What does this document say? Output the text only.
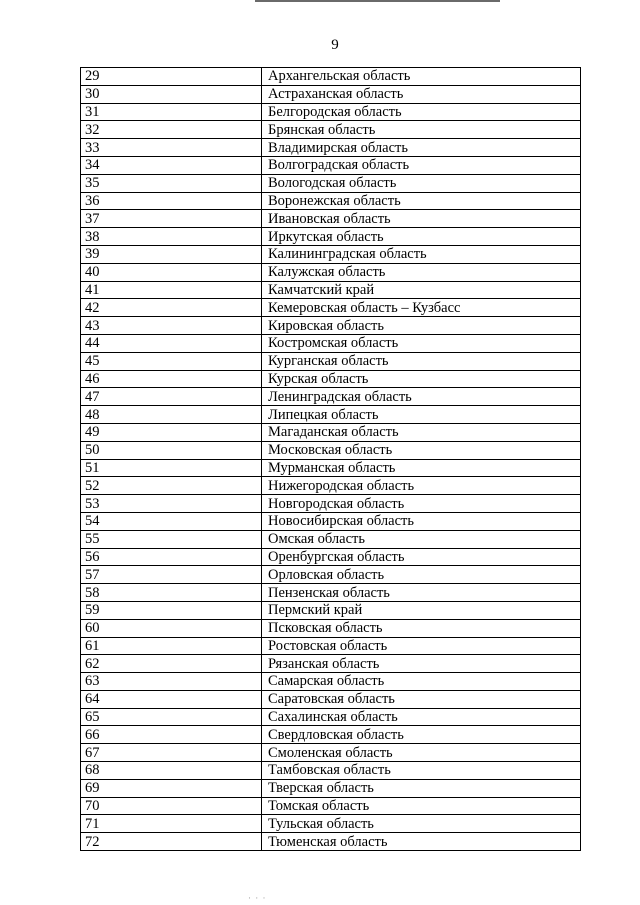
9
29	Архангельская область
30	Астраханская область
31	Белгородская область
32	Брянская область
33	Владимирская область
34	Волгоградская область
35	Вологодская область
36	Воронежская область
37	Ивановская область
38	Иркутская область
39	Калининградская область
40	Калужская область
41	Камчатский край
42	Кемеровская область – Кузбасс
43	Кировская область
44	Костромская область
45	Курганская область
46	Курская область
47	Ленинградская область
48	Липецкая область
49	Магаданская область
50	Московская область
51	Мурманская область
52	Нижегородская область
53	Новгородская область
54	Новосибирская область
55	Омская область
56	Оренбургская область
57	Орловская область
58	Пензенская область
59	Пермский край
60	Псковская область
61	Ростовская область
62	Рязанская область
63	Самарская область
64	Саратовская область
65	Сахалинская область
66	Свердловская область
67	Смоленская область
68	Тамбовская область
69	Тверская область
70	Томская область
71	Тульская область
72	Тюменская область
· · ·
